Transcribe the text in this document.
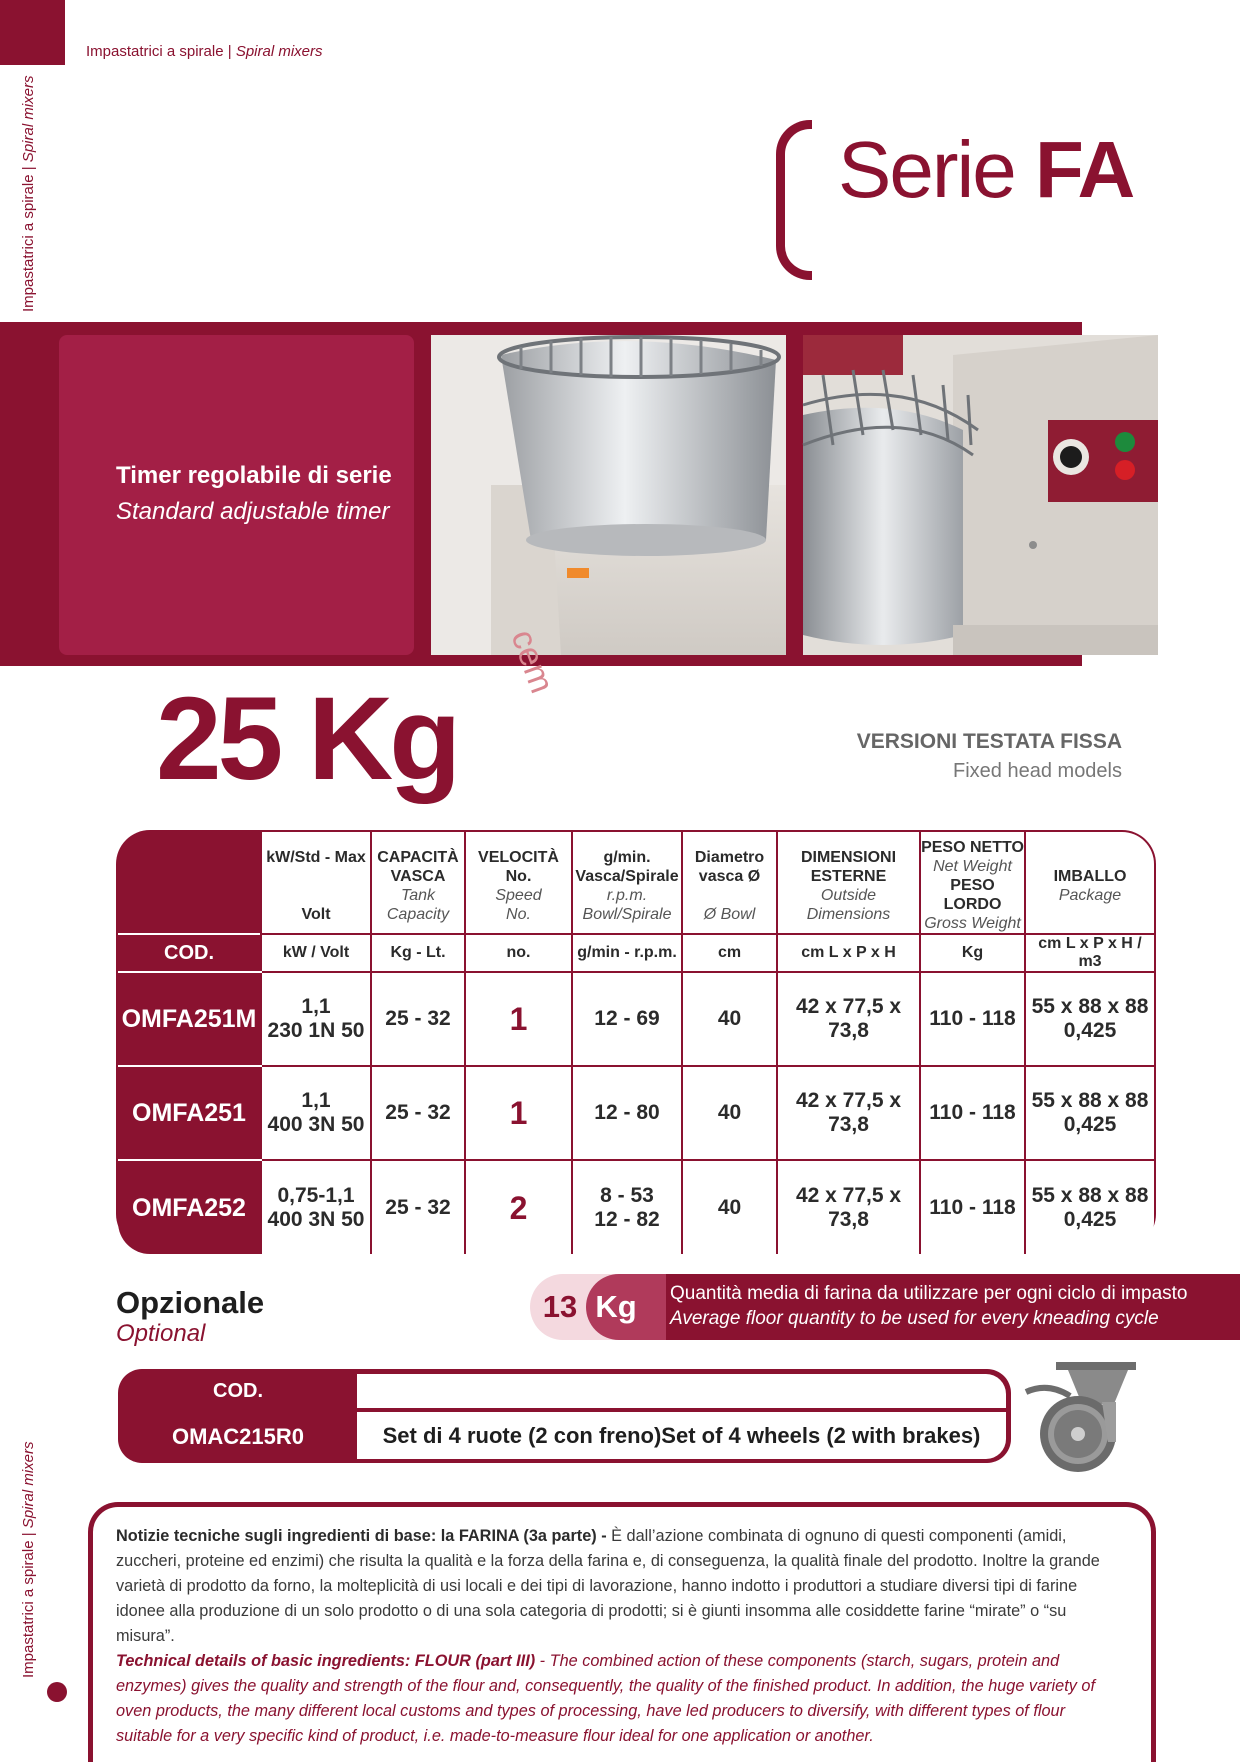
Impastatrici a spirale | Spiral mixers
Impastatrici a spirale | Spiral mixers
Impastatrici a spirale | Spiral mixers
Serie FA
Timer regolabile di serie
Standard adjustable timer
cem
25 Kg	VERSIONI TESTATA FISSA
Fixed head models

	kW/Std - Max
Volt	CAPACITÀ
VASCA
Tank
Capacity	VELOCITÀ
No.
Speed
No.	g/min.
Vasca/Spirale
r.p.m.
Bowl/Spirale	Diametro
vasca Ø
Ø Bowl	DIMENSIONI
ESTERNE
Outside
Dimensions	PESO NETTO
Net Weight
PESO LORDO
Gross Weight	IMBALLO
Package

COD.	kW / Volt	Kg - Lt.	no.	g/min - r.p.m.	cm	cm L x P x H	Kg	cm L x P x H / m3
OMFA251M	1,1
230 1N 50	25 - 32	1	12 - 69	40	42 x 77,5 x 73,8	110 - 118	55 x 88 x 88
0,425

OMFA251	1,1
400 3N 50	25 - 32	1	12 - 80	40	42 x 77,5 x 73,8	110 - 118	55 x 88 x 88
0,425

OMFA252	0,75-1,1
400 3N 50	25 - 32	2	8 - 53
12 - 82	40	42 x 77,5 x 73,8	110 - 118	55 x 88 x 88
0,425
Opzionale
Optional
13 Kg	Quantità media di farina da utilizzare per ogni ciclo di impasto
Average floor quantity to be used for every kneading cycle
COD.
OMAC215R0	Set di 4 ruote (2 con freno)Set of 4 wheels (2 with brakes)
Notizie tecniche sugli ingredienti di base: la FARINA (3a parte) - È dall’azione combinata di ognuno di questi componenti (amidi, zuccheri, proteine ed enzimi) che risulta la qualità e la forza della farina e, di conseguenza, la qualità finale del prodotto. Inoltre la grande varietà di prodotto da forno, la molteplicità di usi locali e dei tipi di lavorazione, hanno indotto i produttori a studiare diversi tipi di farine idonee alla produzione di un solo prodotto o di una sola categoria di prodotti; si è giunti insomma alle cosiddette farine “mirate” o “su misura”.
Technical details of basic ingredients: FLOUR (part III) - The combined action of these components (starch, sugars, protein and enzymes) gives the quality and strength of the flour and, consequently, the quality of the finished product. In addition, the huge variety of oven products, the many different local customs and types of processing, have led producers to diversify, with different types of flour suitable for a very specific kind of product, i.e. made-to-measure flour ideal for one application or another.
